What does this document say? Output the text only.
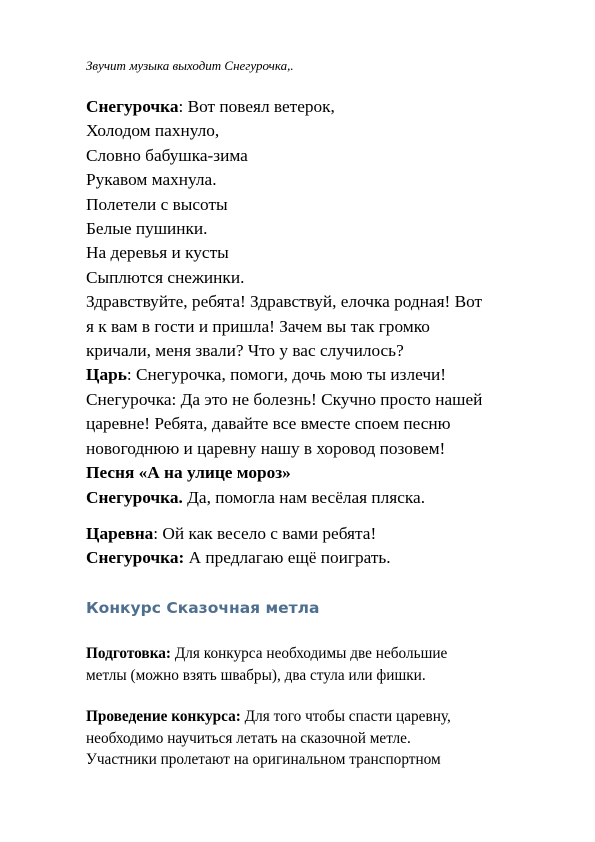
Звучит музыка выходит Снегурочка,.
Снегурочка: Вот повеял ветерок,
Холодом пахнуло,
Словно бабушка-зима
Рукавом махнула.
Полетели с высоты
Белые пушинки.
На деревья и кусты
Сыплются снежинки.
Здравствуйте, ребята! Здравствуй, елочка родная! Вот
я к вам в гости и пришла! Зачем вы так громко
кричали, меня звали? Что у вас случилось?
Царь: Снегурочка, помоги, дочь мою ты излечи!
Снегурочка: Да это не болезнь! Скучно просто нашей
царевне! Ребята, давайте все вместе споем песню
новогоднюю и царевну нашу в хоровод позовем!
Песня «А на улице мороз»
Снегурочка. Да, помогла нам весёлая пляска.
Царевна: Ой как весело с вами ребята!
Снегурочка: А предлагаю ещё поиграть.
Конкурс Сказочная метла
Подготовка: Для конкурса необходимы две небольшие
метлы (можно взять швабры), два стула или фишки.
Проведение конкурса: Для того чтобы спасти царевну,
необходимо научиться летать на сказочной метле.
Участники пролетают на оригинальном транспортном
